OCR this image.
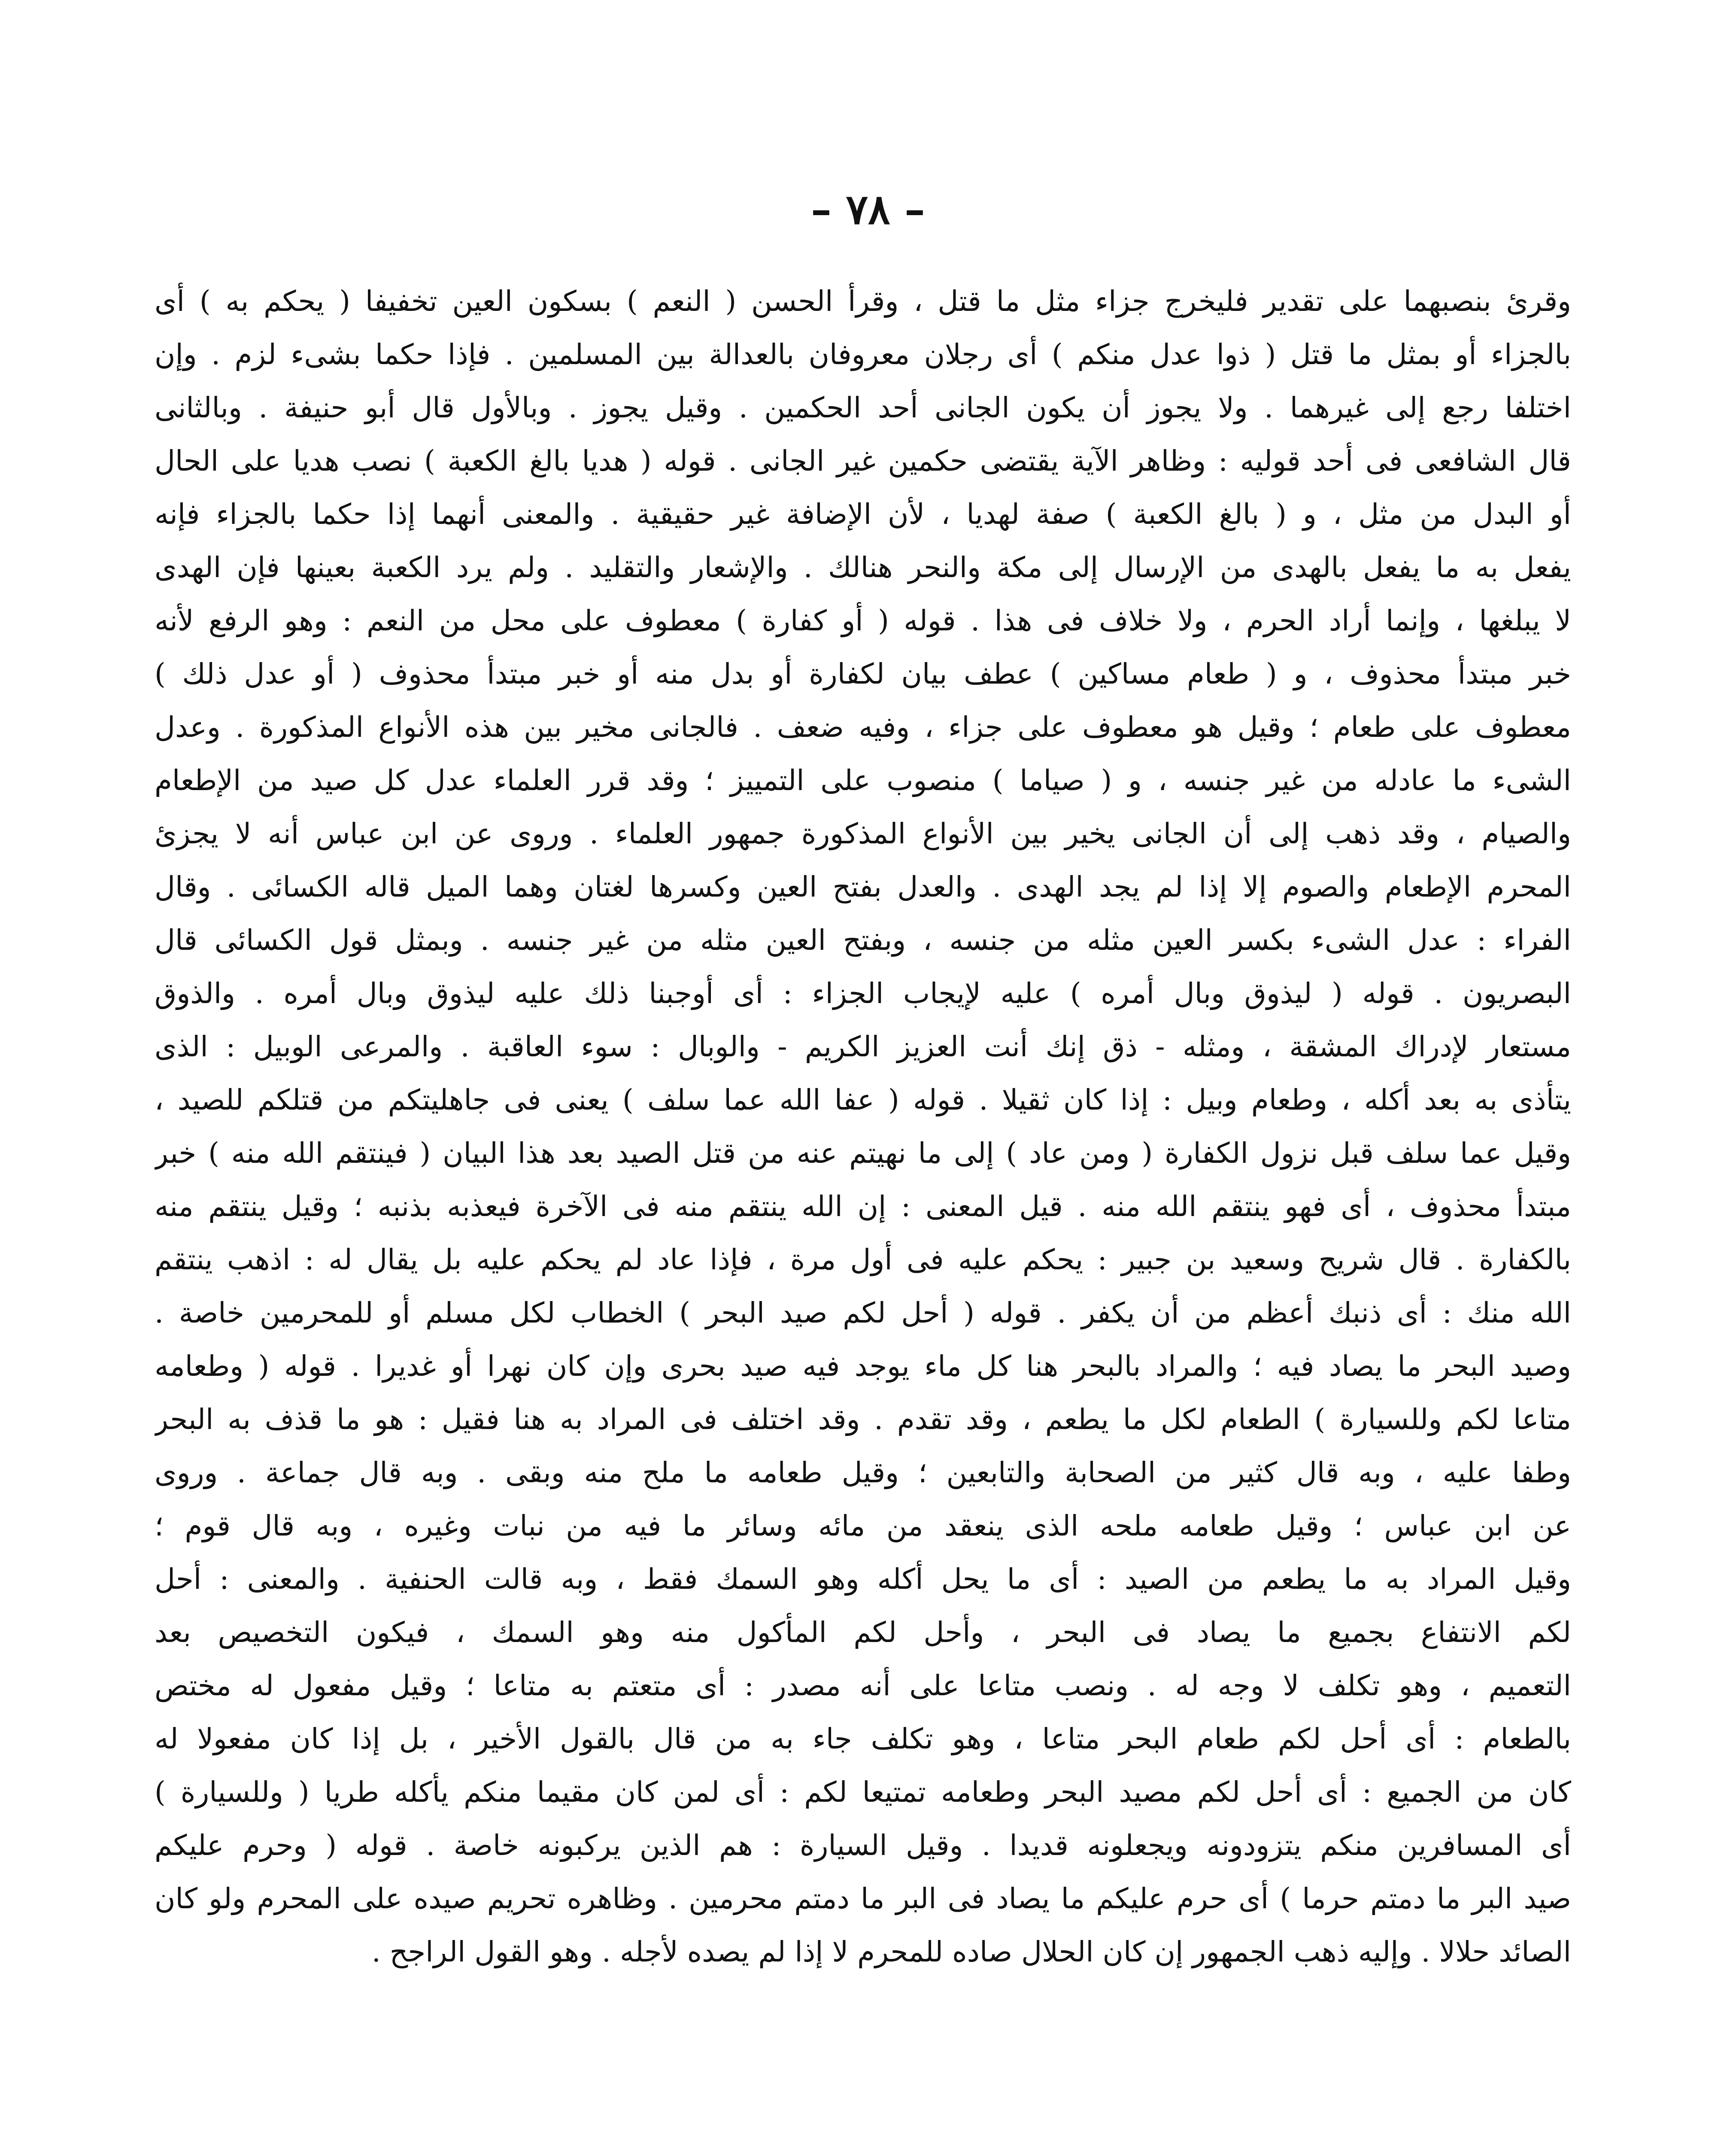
– ٧٨ –
وقرئ بنصبهما على تقدير فليخرج جزاء مثل ما قتل ، وقرأ الحسن ( النعم ) بسكون العين تخفيفا ( يحكم به ) أى
بالجزاء أو بمثل ما قتل ( ذوا عدل منكم ) أى رجلان معروفان بالعدالة بين المسلمين . فإذا حكما بشىء لزم . وإن
اختلفا رجع إلى غيرهما . ولا يجوز أن يكون الجانى أحد الحكمين . وقيل يجوز . وبالأول قال أبو حنيفة . وبالثانى
قال الشافعى فى أحد قوليه : وظاهر الآية يقتضى حكمين غير الجانى . قوله ( هديا بالغ الكعبة ) نصب هديا على الحال
أو البدل من مثل ، و ( بالغ الكعبة ) صفة لهديا ، لأن الإضافة غير حقيقية . والمعنى أنهما إذا حكما بالجزاء فإنه
يفعل به ما يفعل بالهدى من الإرسال إلى مكة والنحر هنالك . والإشعار والتقليد . ولم يرد الكعبة بعينها فإن الهدى
لا يبلغها ، وإنما أراد الحرم ، ولا خلاف فى هذا . قوله ( أو كفارة ) معطوف على محل من النعم : وهو الرفع لأنه
خبر مبتدأ محذوف ، و ( طعام مساكين ) عطف بيان لكفارة أو بدل منه أو خبر مبتدأ محذوف ( أو عدل ذلك )
معطوف على طعام ؛ وقيل هو معطوف على جزاء ، وفيه ضعف . فالجانى مخير بين هذه الأنواع المذكورة . وعدل
الشىء ما عادله من غير جنسه ، و ( صياما ) منصوب على التمييز ؛ وقد قرر العلماء عدل كل صيد من الإطعام
والصيام ، وقد ذهب إلى أن الجانى يخير بين الأنواع المذكورة جمهور العلماء . وروى عن ابن عباس أنه لا يجزئ
المحرم الإطعام والصوم إلا إذا لم يجد الهدى . والعدل بفتح العين وكسرها لغتان وهما الميل قاله الكسائى . وقال
الفراء : عدل الشىء بكسر العين مثله من جنسه ، وبفتح العين مثله من غير جنسه . وبمثل قول الكسائى قال
البصريون . قوله ( ليذوق وبال أمره ) عليه لإيجاب الجزاء : أى أوجبنا ذلك عليه ليذوق وبال أمره . والذوق
مستعار لإدراك المشقة ، ومثله - ذق إنك أنت العزيز الكريم - والوبال : سوء العاقبة . والمرعى الوبيل : الذى
يتأذى به بعد أكله ، وطعام وبيل : إذا كان ثقيلا . قوله ( عفا الله عما سلف ) يعنى فى جاهليتكم من قتلكم للصيد ،
وقيل عما سلف قبل نزول الكفارة ( ومن عاد ) إلى ما نهيتم عنه من قتل الصيد بعد هذا البيان ( فينتقم الله منه ) خبر
مبتدأ محذوف ، أى فهو ينتقم الله منه . قيل المعنى : إن الله ينتقم منه فى الآخرة فيعذبه بذنبه ؛ وقيل ينتقم منه
بالكفارة . قال شريح وسعيد بن جبير : يحكم عليه فى أول مرة ، فإذا عاد لم يحكم عليه بل يقال له : اذهب ينتقم
الله منك : أى ذنبك أعظم من أن يكفر . قوله ( أحل لكم صيد البحر ) الخطاب لكل مسلم أو للمحرمين خاصة .
وصيد البحر ما يصاد فيه ؛ والمراد بالبحر هنا كل ماء يوجد فيه صيد بحرى وإن كان نهرا أو غديرا . قوله ( وطعامه
متاعا لكم وللسيارة ) الطعام لكل ما يطعم ، وقد تقدم . وقد اختلف فى المراد به هنا فقيل : هو ما قذف به البحر
وطفا عليه ، وبه قال كثير من الصحابة والتابعين ؛ وقيل طعامه ما ملح منه وبقى . وبه قال جماعة . وروى
عن ابن عباس ؛ وقيل طعامه ملحه الذى ينعقد من مائه وسائر ما فيه من نبات وغيره ، وبه قال قوم ؛
وقيل المراد به ما يطعم من الصيد : أى ما يحل أكله وهو السمك فقط ، وبه قالت الحنفية . والمعنى : أحل
لكم الانتفاع بجميع ما يصاد فى البحر ، وأحل لكم المأكول منه وهو السمك ، فيكون التخصيص بعد
التعميم ، وهو تكلف لا وجه له . ونصب متاعا على أنه مصدر : أى متعتم به متاعا ؛ وقيل مفعول له مختص
بالطعام : أى أحل لكم طعام البحر متاعا ، وهو تكلف جاء به من قال بالقول الأخير ، بل إذا كان مفعولا له
كان من الجميع : أى أحل لكم مصيد البحر وطعامه تمتيعا لكم : أى لمن كان مقيما منكم يأكله طريا ( وللسيارة )
أى المسافرين منكم يتزودونه ويجعلونه قديدا . وقيل السيارة : هم الذين يركبونه خاصة . قوله ( وحرم عليكم
صيد البر ما دمتم حرما ) أى حرم عليكم ما يصاد فى البر ما دمتم محرمين . وظاهره تحريم صيده على المحرم ولو كان
الصائد حلالا . وإليه ذهب الجمهور إن كان الحلال صاده للمحرم لا إذا لم يصده لأجله . وهو القول الراجح .
